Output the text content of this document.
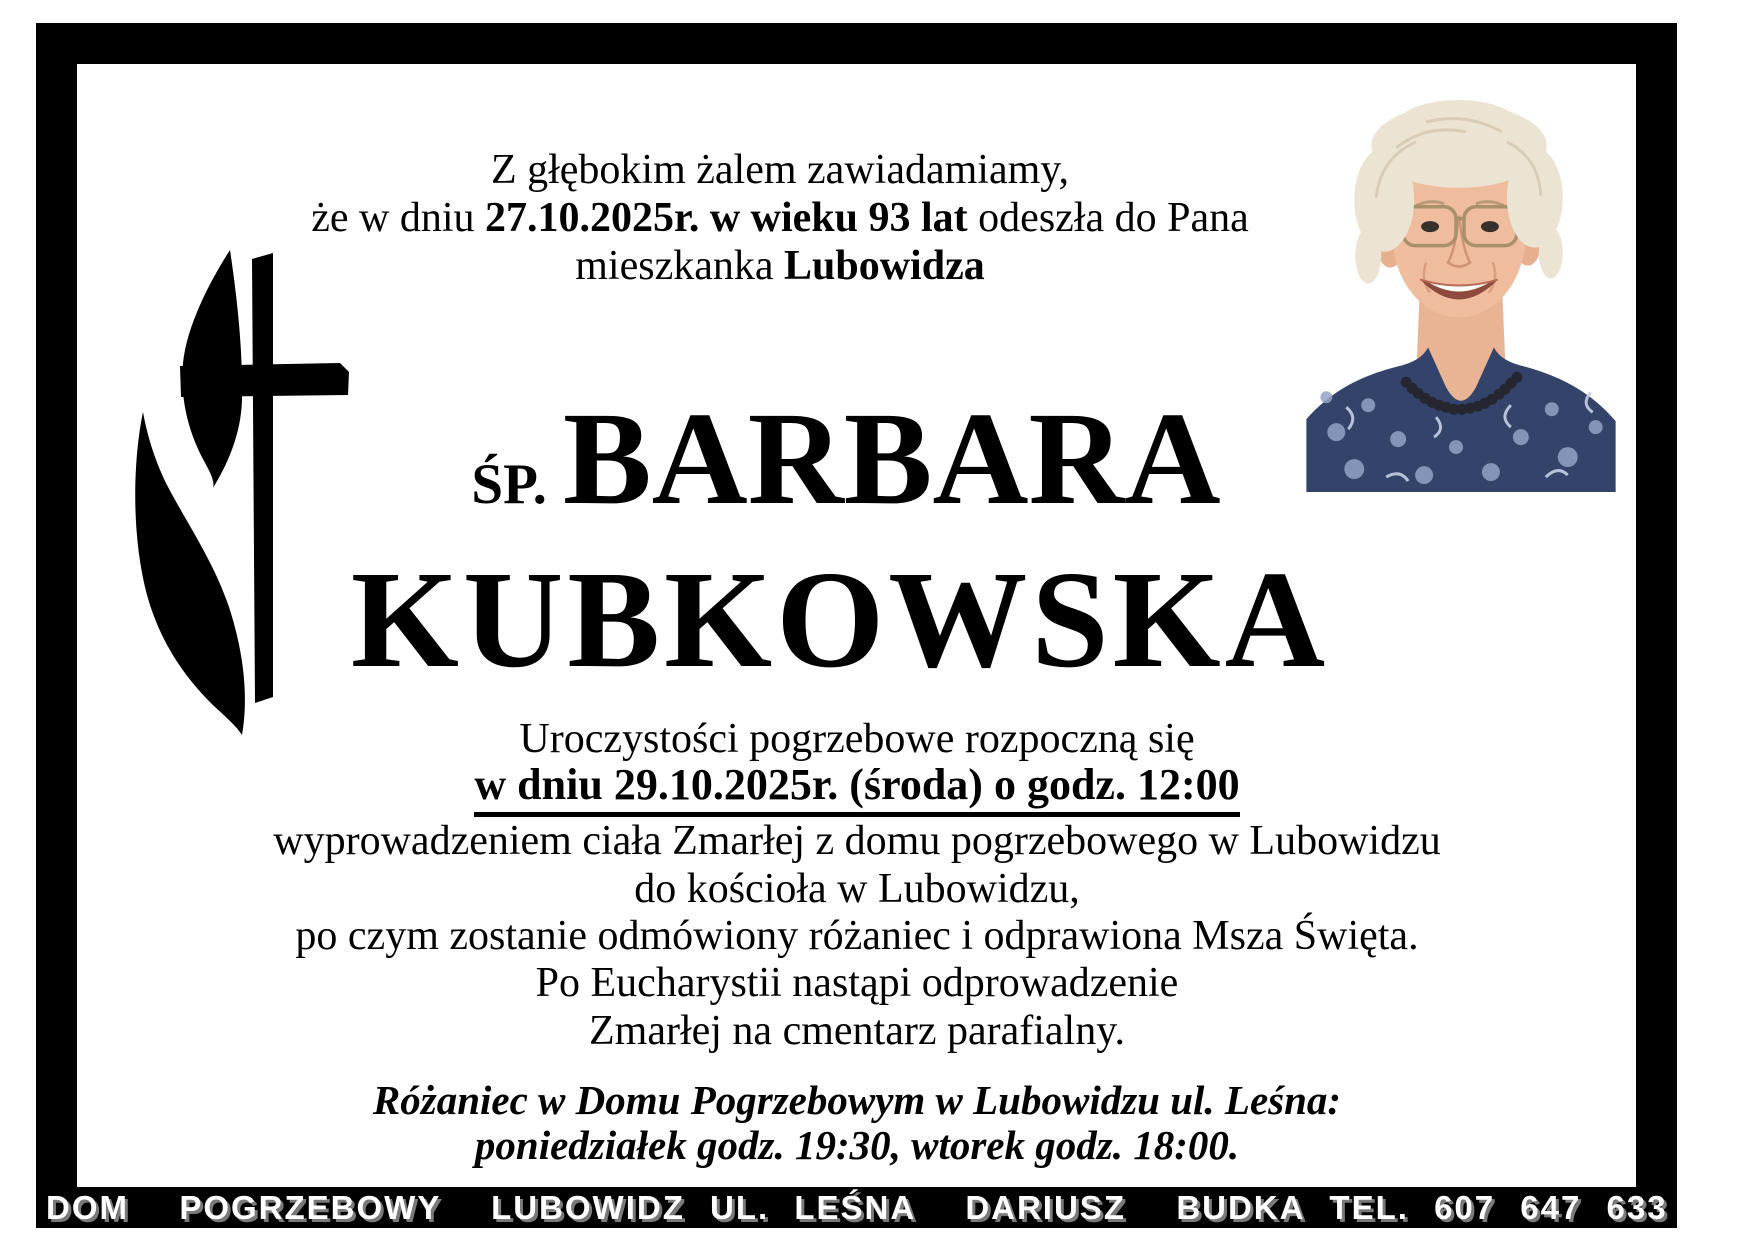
Z głębokim żalem zawiadamiamy,
że w dniu 27.10.2025r. w wieku 93 lat odeszła do Pana
mieszkanka Lubowidza
ŚP. BARBARA
KUBKOWSKA
Uroczystości pogrzebowe rozpoczną się
w dniu 29.10.2025r. (środa) o godz. 12:00
wyprowadzeniem ciała Zmarłej z domu pogrzebowego w Lubowidzu
do kościoła w Lubowidzu,
po czym zostanie odmówiony różaniec i odprawiona Msza Święta.
Po Eucharystii nastąpi odprowadzenie
Zmarłej na cmentarz parafialny.
Różaniec w Domu Pogrzebowym w Lubowidzu ul. Leśna:
poniedziałek godz. 19:30, wtorek godz. 18:00.
DOM  POGRZEBOWY  LUBOWIDZ UL. LEŚNA  DARIUSZ  BUDKA TEL. 607 647 633
